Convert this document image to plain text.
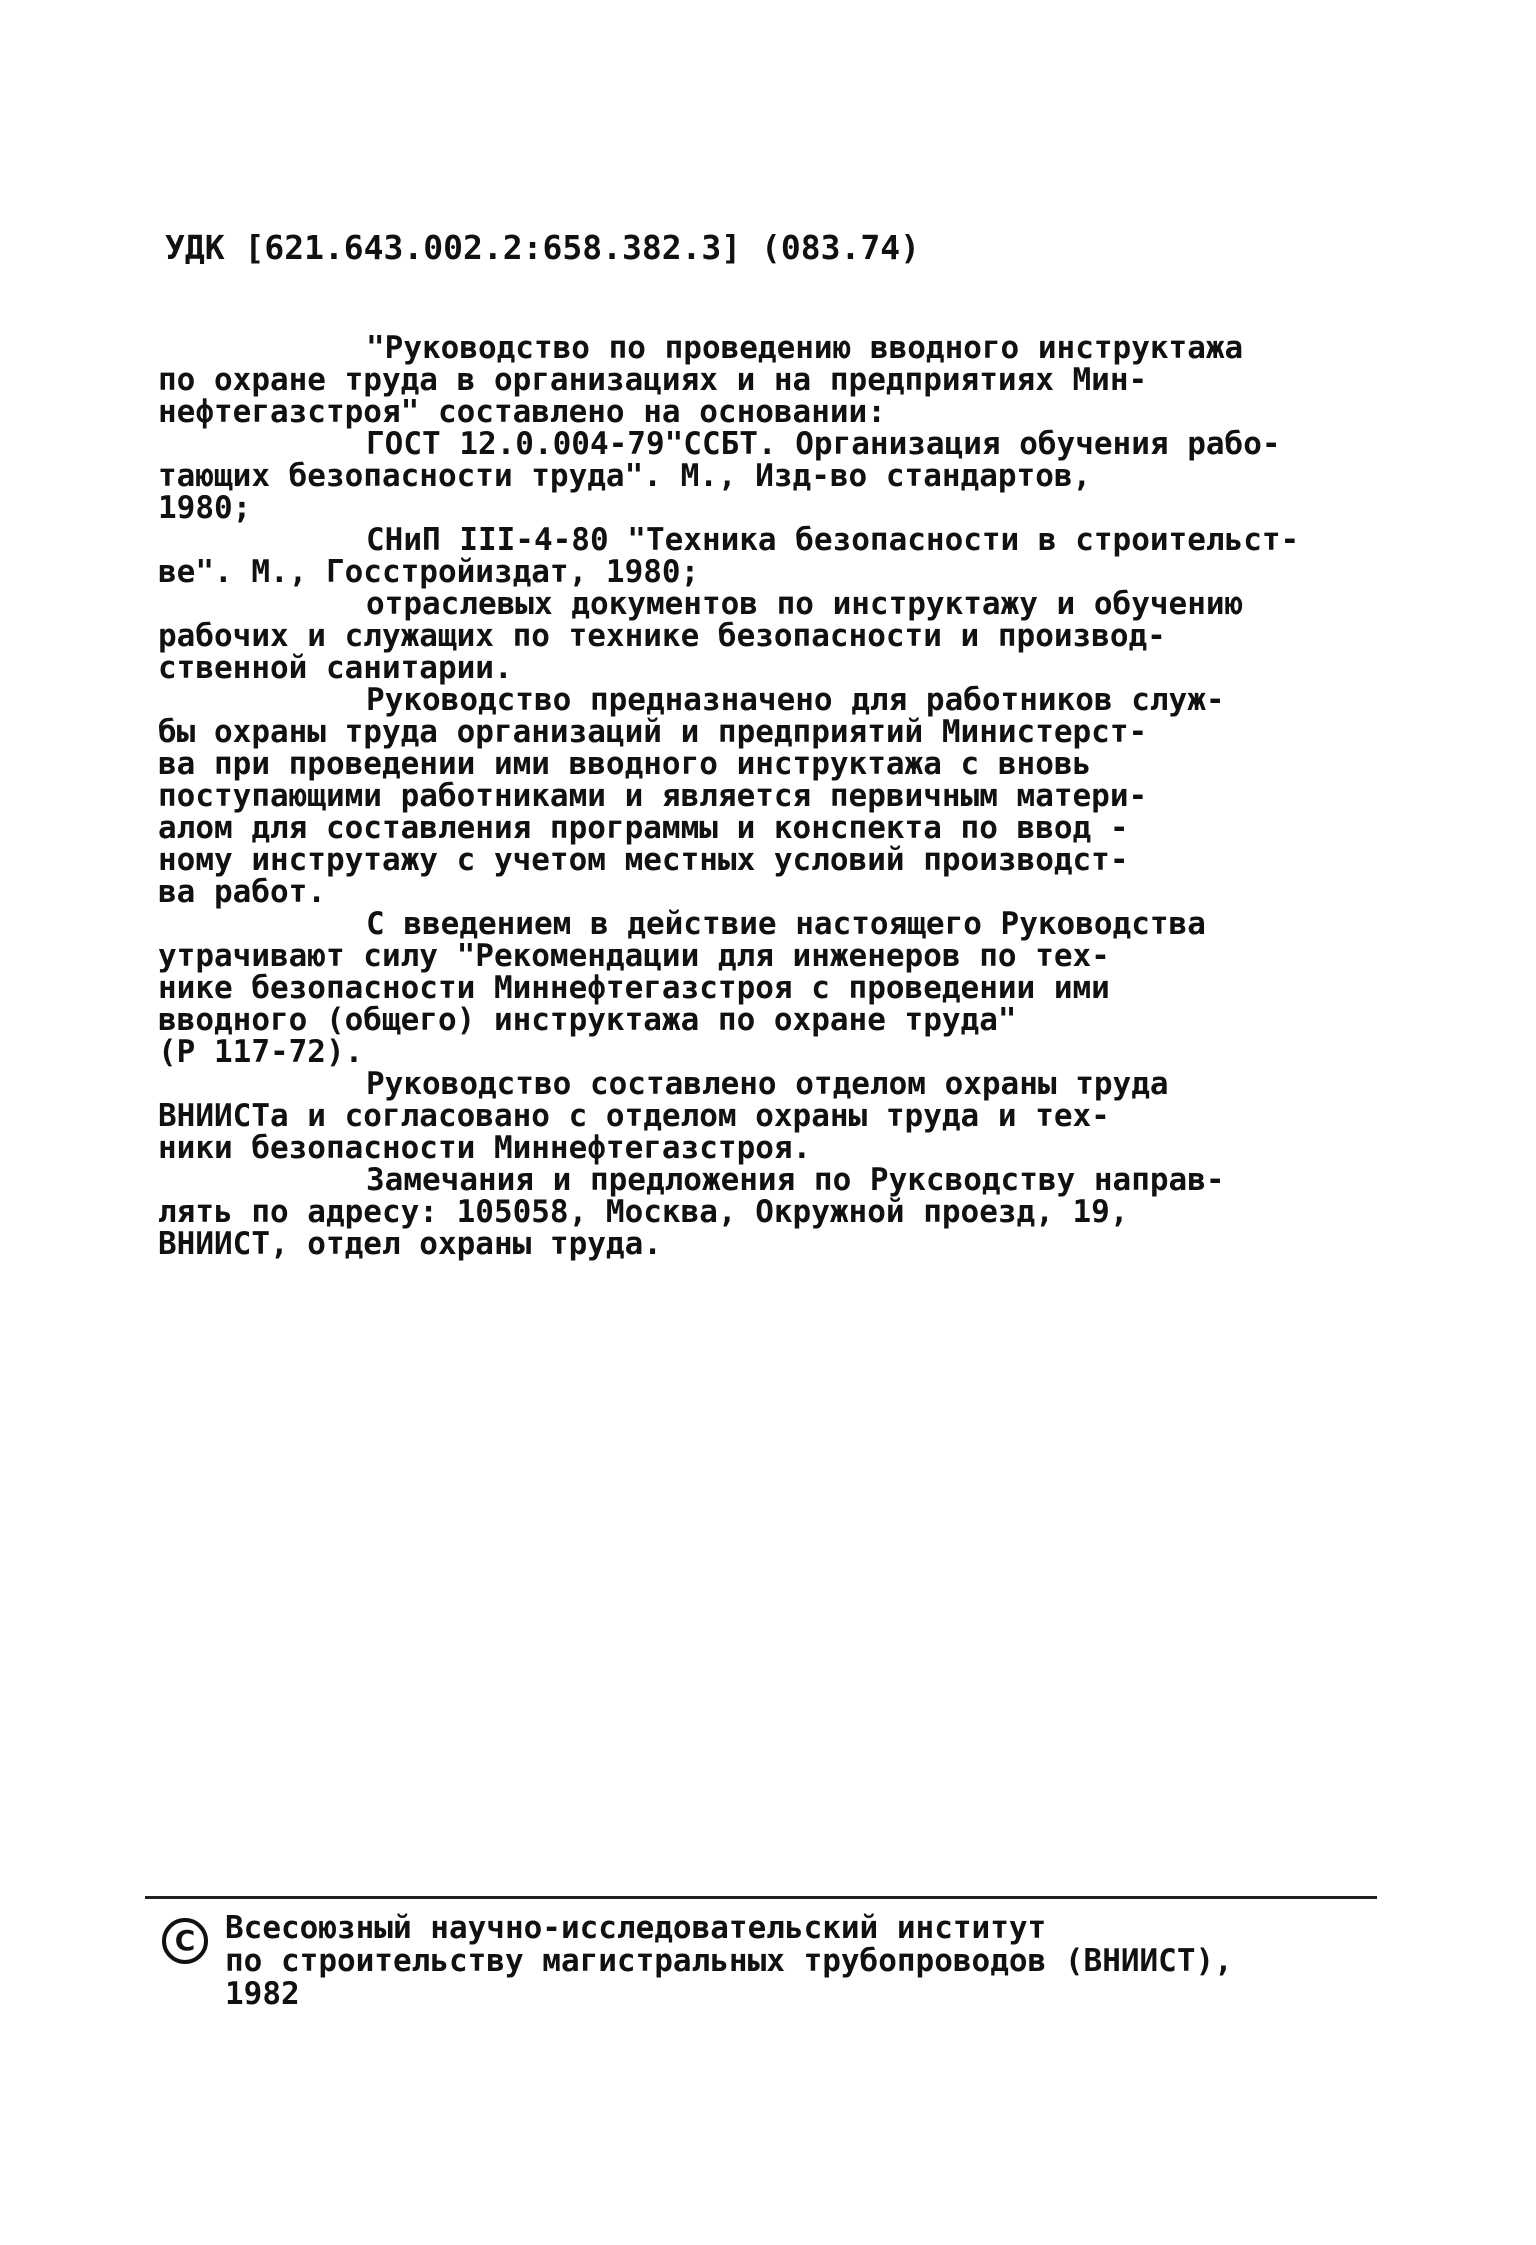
УДК [621.643.002.2:658.382.3] (083.74)
"Руководство по проведению вводного инструктажа
по охране труда в организациях и на предприятиях Мин-
нефтегазстроя" составлено на основании:
ГОСТ 12.0.004-79"ССБТ. Организация обучения рабо-
тающих безопасности труда". М., Изд-во стандартов,
1980;
СНиП III-4-80 "Техника безопасности в строительст-
ве". М., Госстройиздат, 1980;
отраслевых документов по инструктажу и обучению
рабочих и служащих по технике безопасности и производ-
ственной санитарии.
Руководство предназначено для работников служ-
бы охраны труда организаций и предприятий Министерст-
ва при проведении ими вводного инструктажа с вновь
поступающими работниками и является первичным матери-
алом для составления программы и конспекта по ввод -
ному инструтажу с учетом местных условий производст-
ва работ.
С введением в действие настоящего Руководства
утрачивают силу "Рекомендации для инженеров по тех-
нике безопасности Миннефтегазстроя с проведении ими
вводного (общего) инструктажа по охране труда"
(Р 117-72).
Руководство составлено отделом охраны труда
ВНИИСТа и согласовано с отделом охраны труда и тех-
ники безопасности Миннефтегазстроя.
Замечания и предложения по Руксводству направ-
лять по адресу: 105058, Москва, Окружной проезд, 19,
ВНИИСТ, отдел охраны труда.
С Всесоюзный научно-исследовательский институт
по строительству магистральных трубопроводов (ВНИИСТ),
1982
